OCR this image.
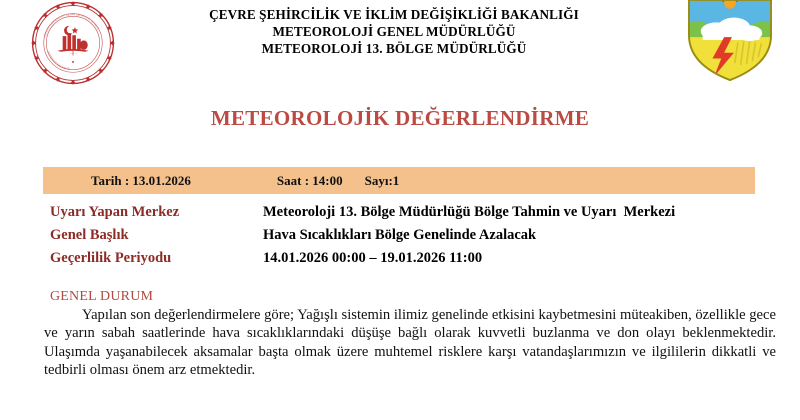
TÜRKİYE CUMHURİYETİ ÇEVRE ŞEHİRCİLİK VE İKLİM
DEĞİŞİKLİĞİ BAKANLIĞI
ÇEVRE ŞEHİRCİLİK VE İKLİM DEĞİŞİKLİĞİ BAKANLIĞI
METEOROLOJİ GENEL MÜDÜRLÜĞÜ
METEOROLOJİ 13. BÖLGE MÜDÜRLÜĞÜ
METEOROLOJİK DEĞERLENDİRME
Tarih : 13.01.2026	Saat : 14:00 Sayı:1
Uyarı Yapan Merkez	Meteoroloji 13. Bölge Müdürlüğü Bölge Tahmin ve Uyarı  Merkezi
Genel Başlık	Hava Sıcaklıkları Bölge Genelinde Azalacak
Geçerlilik Periyodu	14.01.2026 00:00 – 19.01.2026 11:00
GENEL DURUM
Yapılan son değerlendirmelere göre; Yağışlı sistemin ilimiz genelinde etkisini kaybetmesini müteakiben, özellikle gece ve yarın sabah saatlerinde hava sıcaklıklarındaki düşüşe bağlı olarak kuvvetli buzlanma ve don olayı beklenmektedir. Ulaşımda yaşanabilecek aksamalar başta olmak üzere muhtemel risklere karşı vatandaşlarımızın ve ilgililerin dikkatli ve tedbirli olması önem arz etmektedir.
